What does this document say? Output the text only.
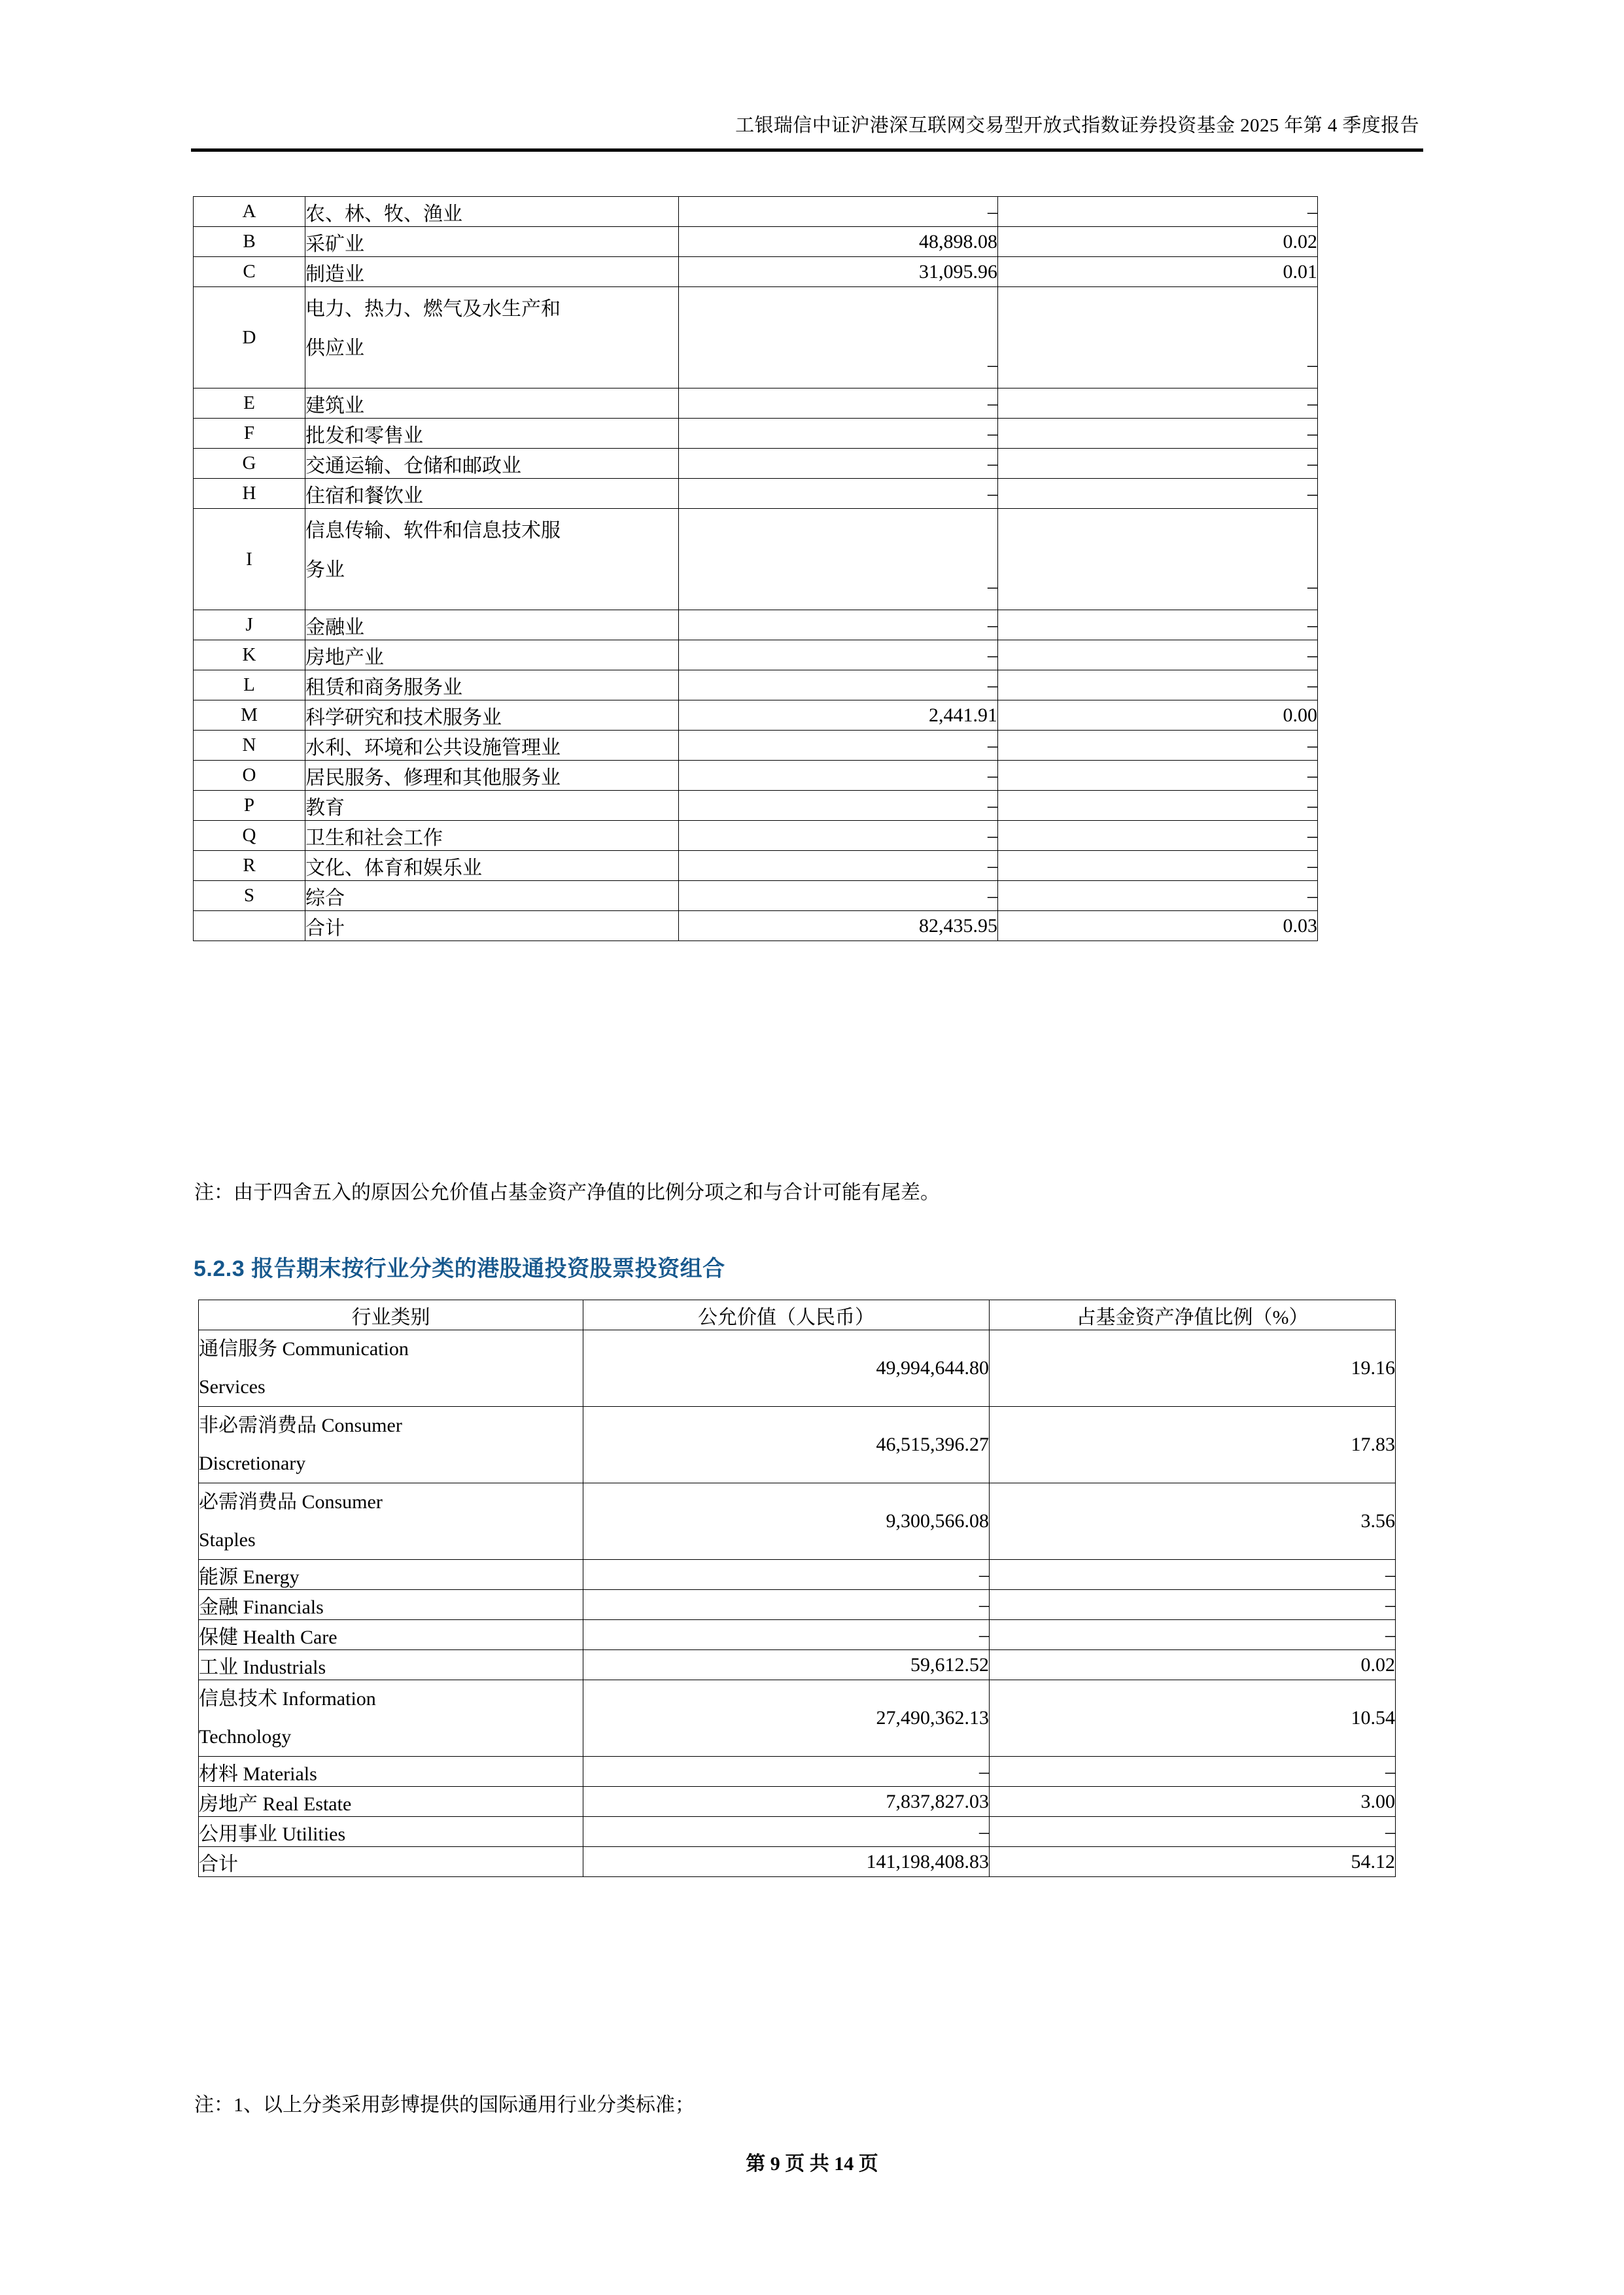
工银瑞信中证沪港深互联网交易型开放式指数证券投资基金 2025 年第 4 季度报告
A	农、林、牧、渔业	–	–
B	采矿业	48,898.08	0.02
C	制造业	31,095.96	0.01
D	电力、热力、燃气及水生产和
供应业	–	–
E	建筑业	–	–
F	批发和零售业	–	–
G	交通运输、仓储和邮政业	–	–
H	住宿和餐饮业	–	–
I	信息传输、软件和信息技术服
务业	–	–
J	金融业	–	–
K	房地产业	–	–
L	租赁和商务服务业	–	–
M	科学研究和技术服务业	2,441.91	0.00
N	水利、环境和公共设施管理业	–	–
O	居民服务、修理和其他服务业	–	–
P	教育	–	–
Q	卫生和社会工作	–	–
R	文化、体育和娱乐业	–	–
S	综合	–	–

	合计	82,435.95	0.03
注：由于四舍五入的原因公允价值占基金资产净值的比例分项之和与合计可能有尾差。
5.2.3 报告期末按行业分类的港股通投资股票投资组合
行业类别	公允价值（人民币）	占基金资产净值比例（%）

通信服务 Communication
Services	49,994,644.80	19.16

非必需消费品 Consumer
Discretionary	46,515,396.27	17.83

必需消费品 Consumer
Staples	9,300,566.08	3.56

能源 Energy	–	–

金融 Financials	–	–

保健 Health Care	–	–

工业 Industrials	59,612.52	0.02

信息技术 Information
Technology	27,490,362.13	10.54

材料 Materials	–	–

房地产 Real Estate	7,837,827.03	3.00

公用事业 Utilities	–	–

合计	141,198,408.83	54.12
注：1、以上分类采用彭博提供的国际通用行业分类标准；
第 9 页 共 14 页
